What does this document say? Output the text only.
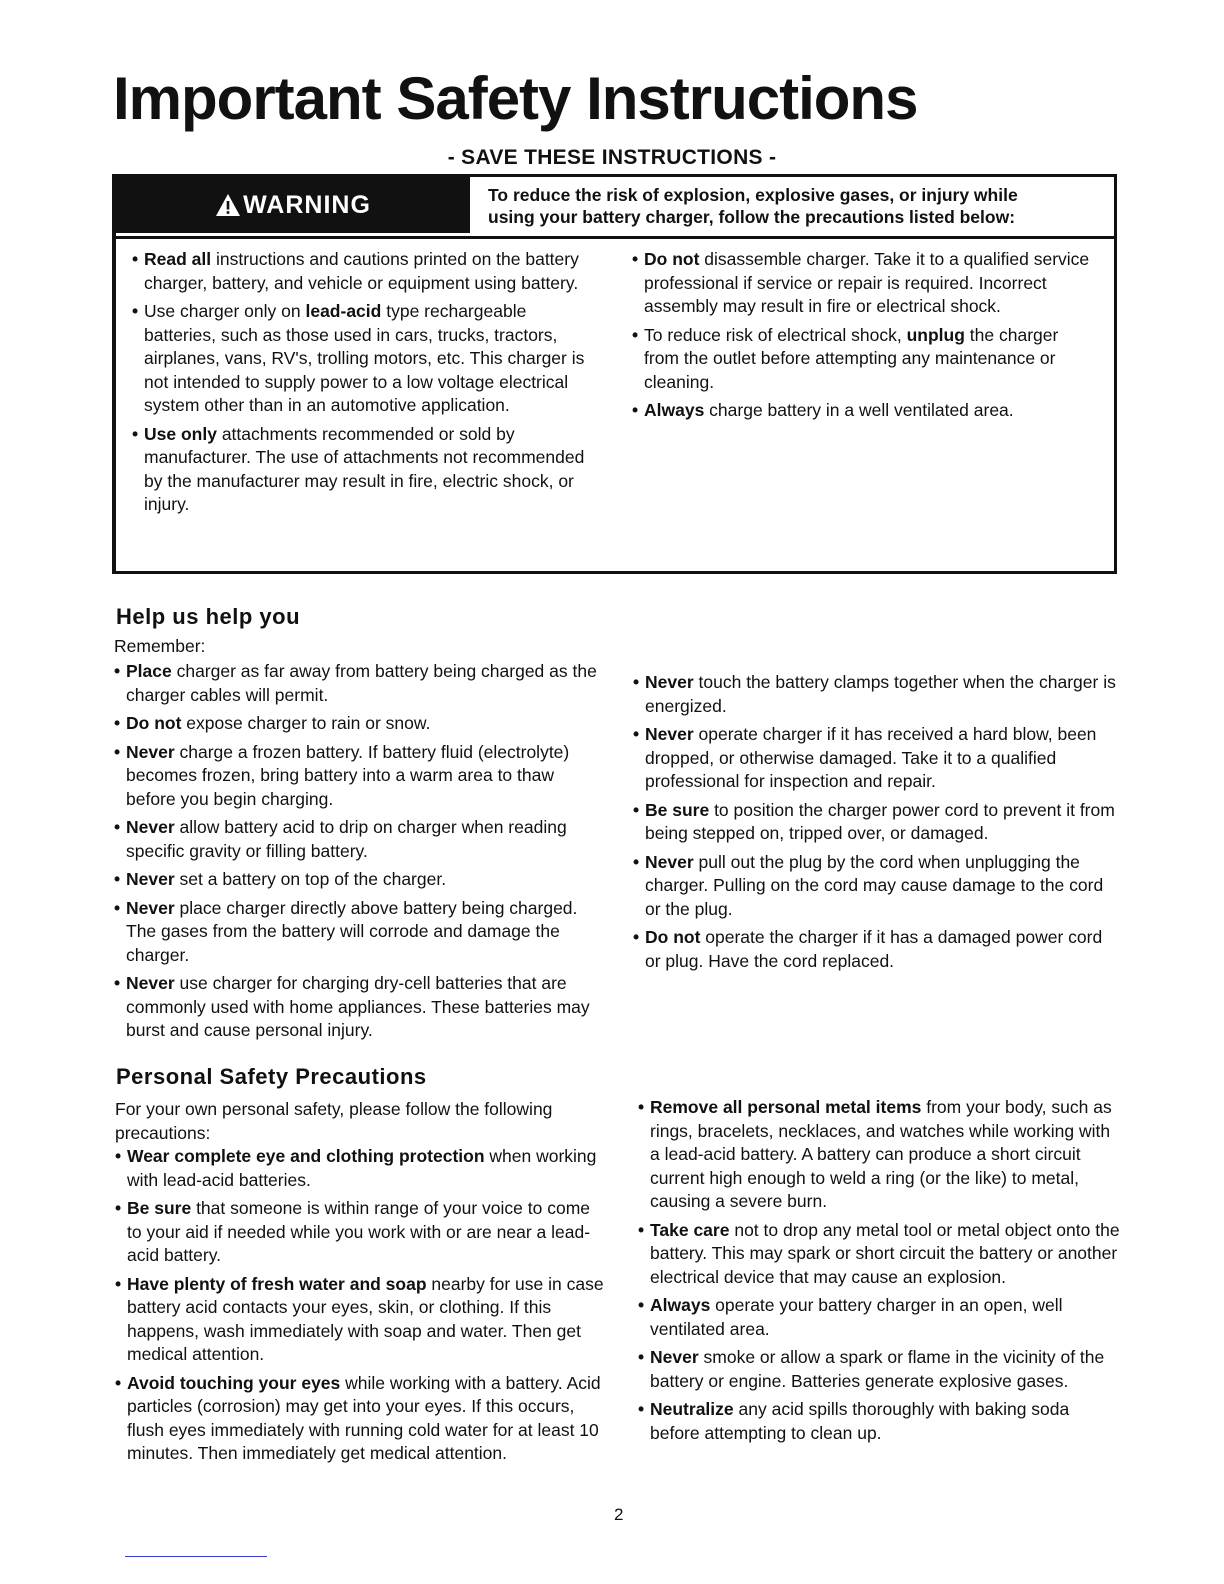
Important Safety Instructions
- SAVE THESE INSTRUCTIONS -
WARNING	To reduce the risk of explosion, explosive gases, or injury while
using your battery charger, follow the precautions listed below:
• Read all instructions and cautions printed on the battery charger, battery, and vehicle or equipment using battery.
• Use charger only on lead-acid type rechargeable batteries, such as those used in cars, trucks, tractors, airplanes, vans, RV's, trolling motors, etc. This charger is not intended to supply power to a low voltage electrical system other than in an automotive application.
• Use only attachments recommended or sold by manufacturer. The use of attachments not recommended by the manufacturer may result in fire, electric shock, or injury.
• Do not disassemble charger. Take it to a qualified service professional if service or repair is required. Incorrect assembly may result in fire or electrical shock.
• To reduce risk of electrical shock, unplug the charger from the outlet before attempting any maintenance or cleaning.
• Always charge battery in a well ventilated area.
Help us help you
Remember:
• Place charger as far away from battery being charged as the charger cables will permit.
• Do not expose charger to rain or snow.
• Never charge a frozen battery. If battery fluid (electrolyte) becomes frozen, bring battery into a warm area to thaw before you begin charging.
• Never allow battery acid to drip on charger when reading specific gravity or filling battery.
• Never set a battery on top of the charger.
• Never place charger directly above battery being charged. The gases from the battery will corrode and damage the charger.
• Never use charger for charging dry-cell batteries that are commonly used with home appliances. These batteries may burst and cause personal injury.
• Never touch the battery clamps together when the charger is energized.
• Never operate charger if it has received a hard blow, been dropped, or otherwise damaged. Take it to a qualified professional for inspection and repair.
• Be sure to position the charger power cord to prevent it from being stepped on, tripped over, or damaged.
• Never pull out the plug by the cord when unplugging the charger. Pulling on the cord may cause damage to the cord or the plug.
• Do not operate the charger if it has a damaged power cord or plug. Have the cord replaced.
Personal Safety Precautions
For your own personal safety, please follow the following precautions:
• Wear complete eye and clothing protection when working with lead-acid batteries.
• Be sure that someone is within range of your voice to come to your aid if needed while you work with or are near a lead-acid battery.
• Have plenty of fresh water and soap nearby for use in case battery acid contacts your eyes, skin, or clothing. If this happens, wash immediately with soap and water. Then get medical attention.
• Avoid touching your eyes while working with a battery. Acid particles (corrosion) may get into your eyes. If this occurs, flush eyes immediately with running cold water for at least 10 minutes. Then immediately get medical attention.
• Remove all personal metal items from your body, such as rings, bracelets, necklaces, and watches while working with a lead-acid battery. A battery can produce a short circuit current high enough to weld a ring (or the like) to metal, causing a severe burn.
• Take care not to drop any metal tool or metal object onto the battery. This may spark or short circuit the battery or another electrical device that may cause an explosion.
• Always operate your battery charger in an open, well ventilated area.
• Never smoke or allow a spark or flame in the vicinity of the battery or engine. Batteries generate explosive gases.
• Neutralize any acid spills thoroughly with baking soda before attempting to clean up.
2
